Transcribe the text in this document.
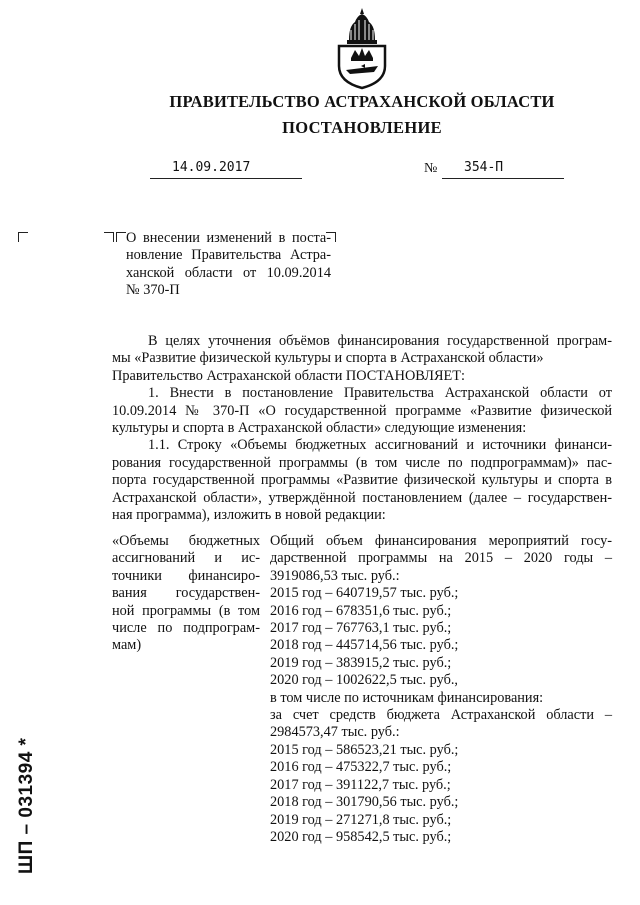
ПРАВИТЕЛЬСТВО АСТРАХАНСКОЙ ОБЛАСТИ
ПОСТАНОВЛЕНИЕ
14.09.2017	№	354-П
О внесении изменений в поста-
новление Правительства Астра-
ханской области от 10.09.2014
№ 370-П
В целях уточнения объёмов финансирования государственной програм-
мы «Развитие физической культуры и спорта в Астраханской области»
Правительство Астраханской области ПОСТАНОВЛЯЕТ:
1. Внести в постановление Правительства Астраханской области от
10.09.2014 № 370-П «О государственной программе «Развитие физической
культуры и спорта в Астраханской области» следующие изменения:
1.1. Строку «Объемы бюджетных ассигнований и источники финанси-
рования государственной программы (в том числе по подпрограммам)» пас-
порта государственной программы «Развитие физической культуры и спорта в
Астраханской области», утверждённой постановлением (далее – государствен-
ная программа), изложить в новой редакции:
«Объемы бюджетных
ассигнований и ис-
точники финансиро-
вания государствен-
ной программы (в том
числе по подпрограм-
мам)
Общий объем финансирования мероприятий госу-
дарственной программы на 2015 – 2020 годы –
3919086,53 тыс. руб.:
2015 год – 640719,57 тыс. руб.;
2016 год – 678351,6 тыс. руб.;
2017 год – 767763,1 тыс. руб.;
2018 год – 445714,56 тыс. руб.;
2019 год – 383915,2 тыс. руб.;
2020 год – 1002622,5 тыс. руб.,
в том числе по источникам финансирования:
за счет средств бюджета Астраханской области –
2984573,47 тыс. руб.:
2015 год – 586523,21 тыс. руб.;
2016 год – 475322,7 тыс. руб.;
2017 год – 391122,7 тыс. руб.;
2018 год – 301790,56 тыс. руб.;
2019 год – 271271,8 тыс. руб.;
2020 год – 958542,5 тыс. руб.;
ШП – 031394 *
